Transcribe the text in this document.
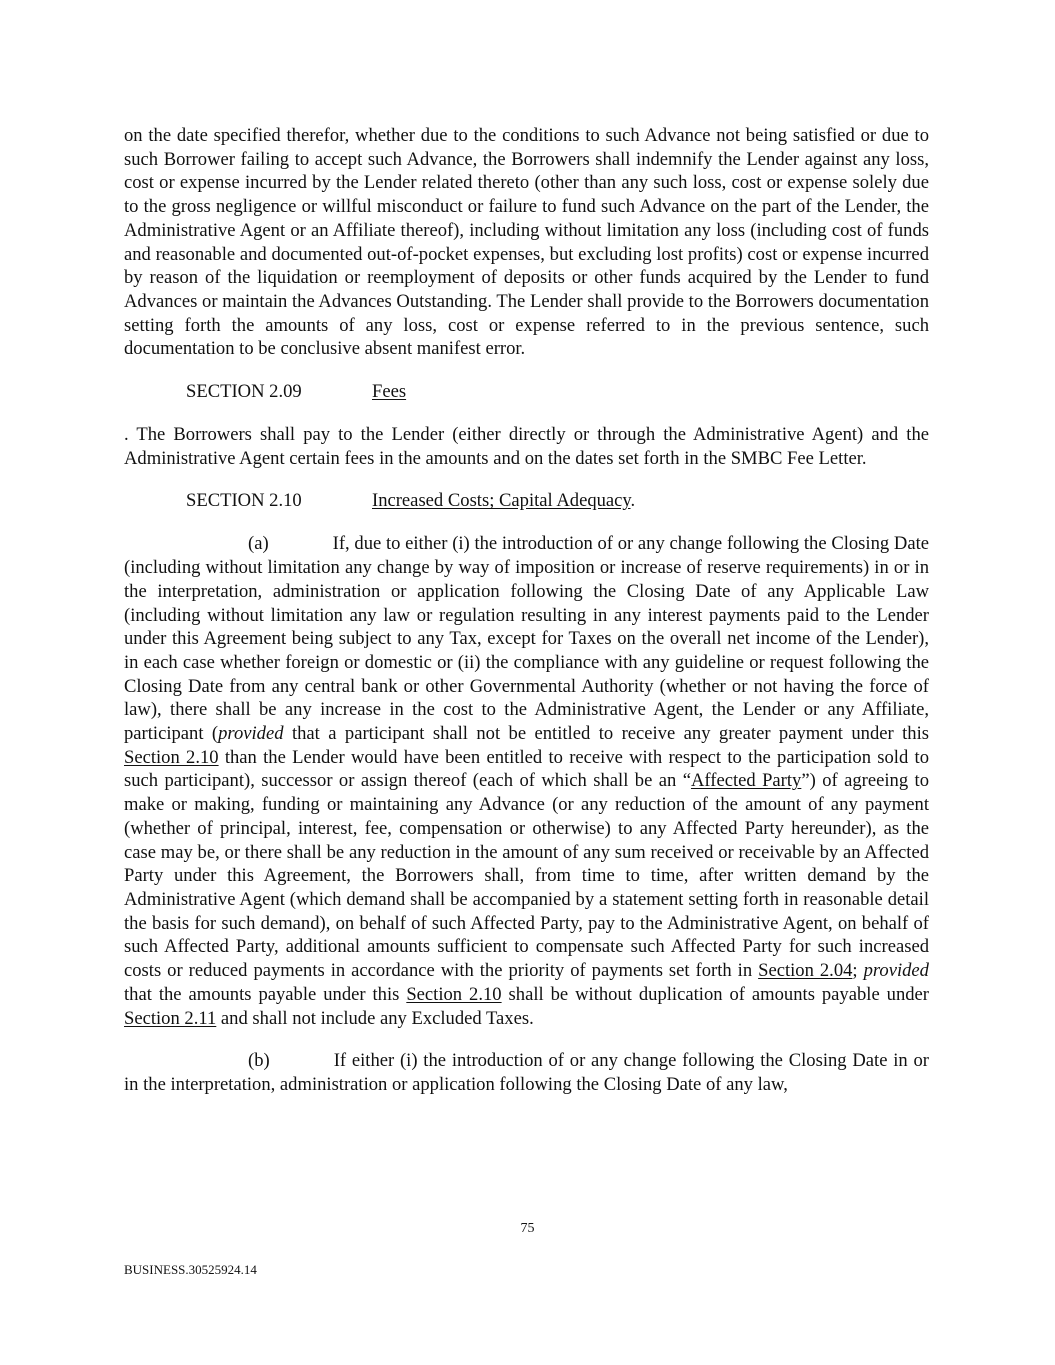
on the date specified therefor, whether due to the conditions to such Advance not being satisfied or due to such Borrower failing to accept such Advance, the Borrowers shall indemnify the Lender against any loss, cost or expense incurred by the Lender related thereto (other than any such loss, cost or expense solely due to the gross negligence or willful misconduct or failure to fund such Advance on the part of the Lender, the Administrative Agent or an Affiliate thereof), including without limitation any loss (including cost of funds and reasonable and documented out-of-pocket expenses, but excluding lost profits) cost or expense incurred by reason of the liquidation or reemployment of deposits or other funds acquired by the Lender to fund Advances or maintain the Advances Outstanding. The Lender shall provide to the Borrowers documentation setting forth the amounts of any loss, cost or expense referred to in the previous sentence, such documentation to be conclusive absent manifest error.

SECTION 2.09	Fees

. The Borrowers shall pay to the Lender (either directly or through the Administrative Agent) and the Administrative Agent certain fees in the amounts and on the dates set forth in the SMBC Fee Letter.

SECTION 2.10	Increased Costs; Capital Adequacy.

(a)	If, due to either (i) the introduction of or any change following the Closing Date (including without limitation any change by way of imposition or increase of reserve requirements) in or in the interpretation, administration or application following the Closing Date of any Applicable Law (including without limitation any law or regulation resulting in any interest payments paid to the Lender under this Agreement being subject to any Tax, except for Taxes on the overall net income of the Lender), in each case whether foreign or domestic or (ii) the compliance with any guideline or request following the Closing Date from any central bank or other Governmental Authority (whether or not having the force of law), there shall be any increase in the cost to the Administrative Agent, the Lender or any Affiliate, participant (provided that a participant shall not be entitled to receive any greater payment under this Section 2.10 than the Lender would have been entitled to receive with respect to the participation sold to such participant), successor or assign thereof (each of which shall be an “Affected Party”) of agreeing to make or making, funding or maintaining any Advance (or any reduction of the amount of any payment (whether of principal, interest, fee, compensation or otherwise) to any Affected Party hereunder), as the case may be, or there shall be any reduction in the amount of any sum received or receivable by an Affected Party under this Agreement, the Borrowers shall, from time to time, after written demand by the Administrative Agent (which demand shall be accompanied by a statement setting forth in reasonable detail the basis for such demand), on behalf of such Affected Party, pay to the Administrative Agent, on behalf of such Affected Party, additional amounts sufficient to compensate such Affected Party for such increased costs or reduced payments in accordance with the priority of payments set forth in Section 2.04; provided that the amounts payable under this Section 2.10 shall be without duplication of amounts payable under Section 2.11 and shall not include any Excluded Taxes.

(b)	If either (i) the introduction of or any change following the Closing Date in or in the interpretation, administration or application following the Closing Date of any law,

75
BUSINESS.30525924.14
